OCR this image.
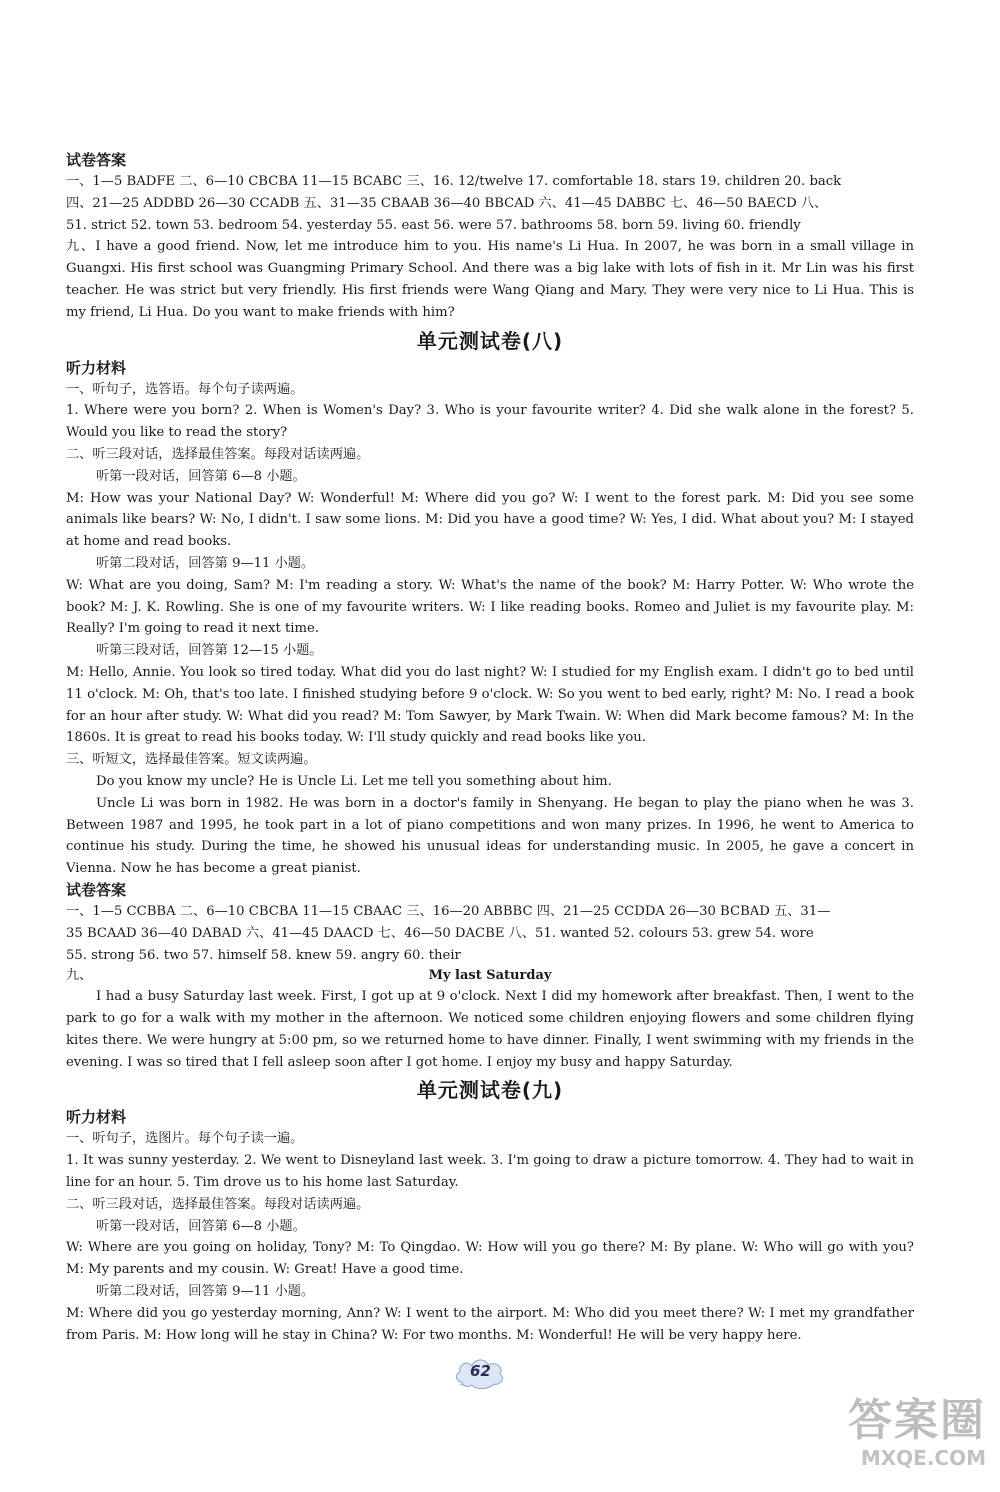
试卷答案
一、1—5 BADFE 二、6—10 CBCBA 11—15 BCABC 三、16. 12/twelve 17. comfortable 18. stars 19. children 20. back
四、21—25 ADDBD 26—30 CCADB 五、31—35 CBAAB 36—40 BBCAD 六、41—45 DABBC 七、46—50 BAECD 八、
51. strict 52. town 53. bedroom 54. yesterday 55. east 56. were 57. bathrooms 58. born 59. living 60. friendly
九、I have a good friend. Now, let me introduce him to you. His name's Li Hua. In 2007, he was born in a small village in Guangxi. His first school was Guangming Primary School. And there was a big lake with lots of fish in it. Mr Lin was his first teacher. He was strict but very friendly. His first friends were Wang Qiang and Mary. They were very nice to Li Hua. This is my friend, Li Hua. Do you want to make friends with him?
单元测试卷(八)
听力材料
一、听句子，选答语。每个句子读两遍。
1. Where were you born? 2. When is Women's Day? 3. Who is your favourite writer? 4. Did she walk alone in the forest? 5. Would you like to read the story?
二、听三段对话，选择最佳答案。每段对话读两遍。
听第一段对话，回答第 6—8 小题。
M: How was your National Day? W: Wonderful! M: Where did you go? W: I went to the forest park. M: Did you see some animals like bears? W: No, I didn't. I saw some lions. M: Did you have a good time? W: Yes, I did. What about you? M: I stayed at home and read books.
听第二段对话，回答第 9—11 小题。
W: What are you doing, Sam? M: I'm reading a story. W: What's the name of the book? M: Harry Potter. W: Who wrote the book? M: J. K. Rowling. She is one of my favourite writers. W: I like reading books. Romeo and Juliet is my favourite play. M: Really? I'm going to read it next time.
听第三段对话，回答第 12—15 小题。
M: Hello, Annie. You look so tired today. What did you do last night? W: I studied for my English exam. I didn't go to bed until 11 o'clock. M: Oh, that's too late. I finished studying before 9 o'clock. W: So you went to bed early, right? M: No. I read a book for an hour after study. W: What did you read? M: Tom Sawyer, by Mark Twain. W: When did Mark become famous? M: In the 1860s. It is great to read his books today. W: I'll study quickly and read books like you.
三、听短文，选择最佳答案。短文读两遍。
Do you know my uncle? He is Uncle Li. Let me tell you something about him.
Uncle Li was born in 1982. He was born in a doctor's family in Shenyang. He began to play the piano when he was 3. Between 1987 and 1995, he took part in a lot of piano competitions and won many prizes. In 1996, he went to America to continue his study. During the time, he showed his unusual ideas for understanding music. In 2005, he gave a concert in Vienna. Now he has become a great pianist.
试卷答案
一、1—5 CCBBA 二、6—10 CBCBA 11—15 CBAAC 三、16—20 ABBBC 四、21—25 CCDDA 26—30 BCBAD 五、31—
35 BCAAD 36—40 DABAD 六、41—45 DAACD 七、46—50 DACBE 八、51. wanted 52. colours 53. grew 54. wore
55. strong 56. two 57. himself 58. knew 59. angry 60. their
九、	My last Saturday
I had a busy Saturday last week. First, I got up at 9 o'clock. Next I did my homework after breakfast. Then, I went to the park to go for a walk with my mother in the afternoon. We noticed some children enjoying flowers and some children flying kites there. We were hungry at 5:00 pm, so we returned home to have dinner. Finally, I went swimming with my friends in the evening. I was so tired that I fell asleep soon after I got home. I enjoy my busy and happy Saturday.
单元测试卷(九)
听力材料
一、听句子，选图片。每个句子读一遍。
1. It was sunny yesterday. 2. We went to Disneyland last week. 3. I'm going to draw a picture tomorrow. 4. They had to wait in line for an hour. 5. Tim drove us to his home last Saturday.
二、听三段对话，选择最佳答案。每段对话读两遍。
听第一段对话，回答第 6—8 小题。
W: Where are you going on holiday, Tony? M: To Qingdao. W: How will you go there? M: By plane. W: Who will go with you? M: My parents and my cousin. W: Great! Have a good time.
听第二段对话，回答第 9—11 小题。
M: Where did you go yesterday morning, Ann? W: I went to the airport. M: Who did you meet there? W: I met my grandfather from Paris. M: How long will he stay in China? W: For two months. M: Wonderful! He will be very happy here.
62
答案圈
MXQE.COM
